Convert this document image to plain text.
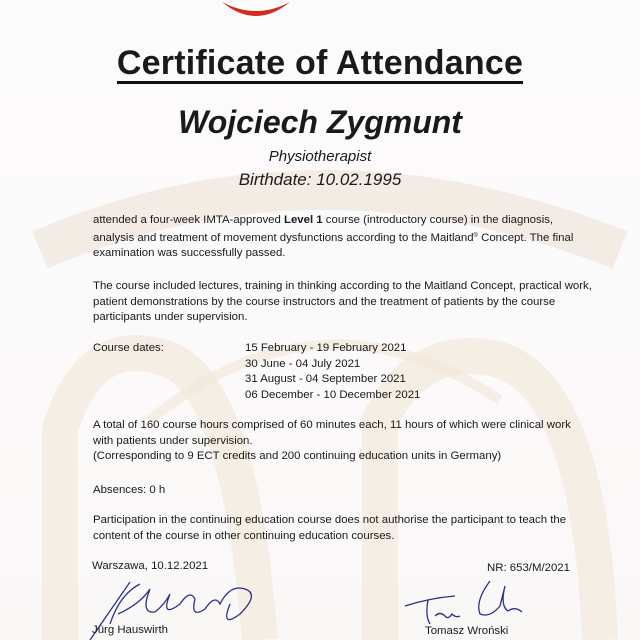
Certificate of Attendance
Wojciech Zygmunt
Physiotherapist
Birthdate: 10.02.1995
attended a four-week IMTA-approved Level 1 course (introductory course) in the diagnosis, analysis and treatment of movement dysfunctions according to the Maitland® Concept. The final examination was successfully passed.
The course included lectures, training in thinking according to the Maitland Concept, practical work, patient demonstrations by the course instructors and the treatment of patients by the course participants under supervision.
Course dates:	15 February - 19 February 2021
30 June - 04 July 2021
31 August - 04 September 2021
06 December - 10 December 2021
A total of 160 course hours comprised of 60 minutes each, 11 hours of which were clinical work with patients under supervision.
(Corresponding to 9 ECT credits and 200 continuing education units in Germany)
Absences: 0 h
Participation in the continuing education course does not authorise the participant to teach the content of the course in other continuing education courses.
Warszawa, 10.12.2021	NR: 653/M/2021
Jürg Hauswirth	Tomasz Wroński
